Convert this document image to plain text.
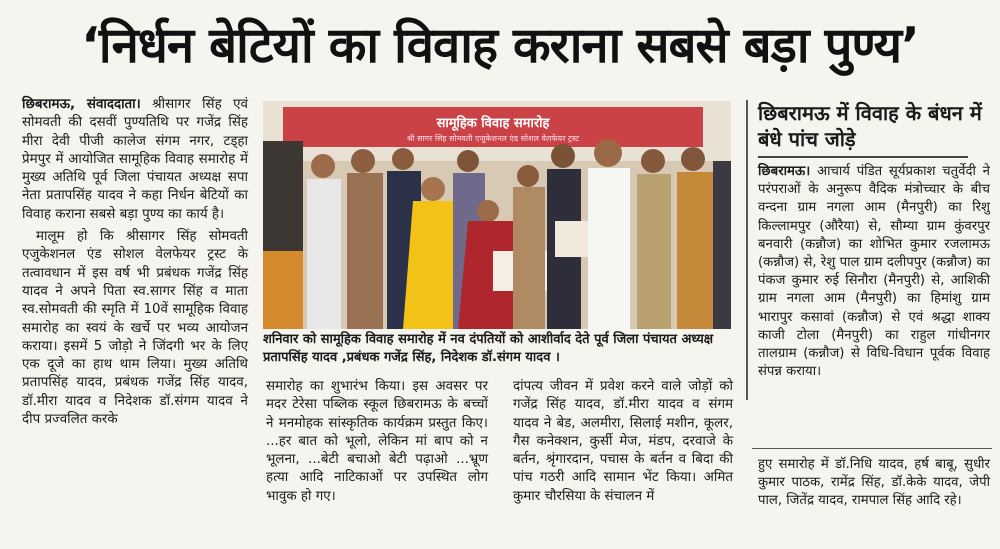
‘निर्धन बेटियों का विवाह कराना सबसे बड़ा पुण्य’

छिबरामऊ, संवाददाता। श्रीसागर सिंह एवं सोमवती की दसवीं पुण्यतिथि पर गजेंद्र सिंह मीरा देवी पीजी कालेज संगम नगर, टड्हा प्रेमपुर में आयोजित सामूहिक विवाह समारोह में मुख्य अतिथि पूर्व जिला पंचायत अध्यक्ष सपा नेता प्रतापसिंह यादव ने कहा निर्धन बेटियों का विवाह कराना सबसे बड़ा पुण्य का कार्य है।

मालूम हो कि श्रीसागर सिंह सोमवती एजुकेशनल एंड सोशल वेलफेयर ट्रस्ट के तत्वावधान में इस वर्ष भी प्रबंधक गजेंद्र सिंह यादव ने अपने पिता स्व.सागर सिंह व माता स्व.सोमवती की स्मृति में 10वें सामूहिक विवाह समारोह का स्वयं के खर्चे पर भव्य आयोजन कराया। इसमें 5 जोड़ो ने जिंदगी भर के लिए एक दूजे का हाथ थाम लिया। मुख्य अतिथि प्रतापसिंह यादव, प्रबंधक गजेंद्र सिंह यादव, डॉ.मीरा यादव व निदेशक डॉ.संगम यादव ने दीप प्रज्वलित करके

सामूहिक विवाह समारोह
श्री सागर सिंह सोमवती एजुकेशनल एंड सोशल वेलफेयर ट्रस्ट
शनिवार को सामूहिक विवाह समारोह में नव दंपतियों को आशीर्वाद देते पूर्व जिला पंचायत अध्यक्ष प्रतापसिंह यादव ,प्रबंधक गजेंद्र सिंह, निदेशक डॉ.संगम यादव ।

समारोह का शुभारंभ किया। इस अवसर पर मदर टेरेसा पब्लिक स्कूल छिबरामऊ के बच्चों ने मनमोहक सांस्कृतिक कार्यक्रम प्रस्तुत किए। ...हर बात को भूलो, लेकिन मां बाप को न भूलना, ...बेटी बचाओ बेटी पढ़ाओ ...भ्रूण हत्या आदि नाटिकाओं पर उपस्थित लोग भावुक हो गए।

दांपत्य जीवन में प्रवेश करने वाले जोड़ों को गजेंद्र सिंह यादव, डॉ.मीरा यादव व संगम यादव ने बेड, अलमीरा, सिलाई मशीन, कूलर, गैस कनेक्शन, कुर्सी मेज, मंडप, दरवाजे के बर्तन, श्रृंगारदान, पचास के बर्तन व बिदा की पांच गठरी आदि सामान भेंट किया। अमित कुमार चौरसिया के संचालन में

छिबरामऊ में विवाह के बंधन में बंधे पांच जोड़े

छिबरामऊ। आचार्य पंडित सूर्यप्रकाश चतुर्वेदी ने परंपराओं के अनुरूप वैदिक मंत्रोच्चार के बीच वन्दना ग्राम नगला आम (मैनपुरी) का रिशु किल्लामपुर (औरैया) से, सौम्या ग्राम कुंवरपुर बनवारी (कन्नौज) का शोभित कुमार रजलामऊ (कन्नौज) से, रेशु पाल ग्राम दलीपपुर (कन्नौज) का पंकज कुमार रुई सिनौरा (मैनपुरी) से, आशिकी ग्राम नगला आम (मैनपुरी) का हिमांशु ग्राम भारापुर कसावां (कन्नौज) से एवं श्रद्धा शाक्य काजी टोला (मैनपुरी) का राहुल गांधीनगर तालग्राम (कन्नौज) से विधि-विधान पूर्वक विवाह संपन्न कराया।

हुए समारोह में डॉ.निधि यादव, हर्ष बाबू, सुधीर कुमार पाठक, रामेंद्र सिंह, डॉ.केके यादव, जेपी पाल, जितेंद्र यादव, रामपाल सिंह आदि रहे।
